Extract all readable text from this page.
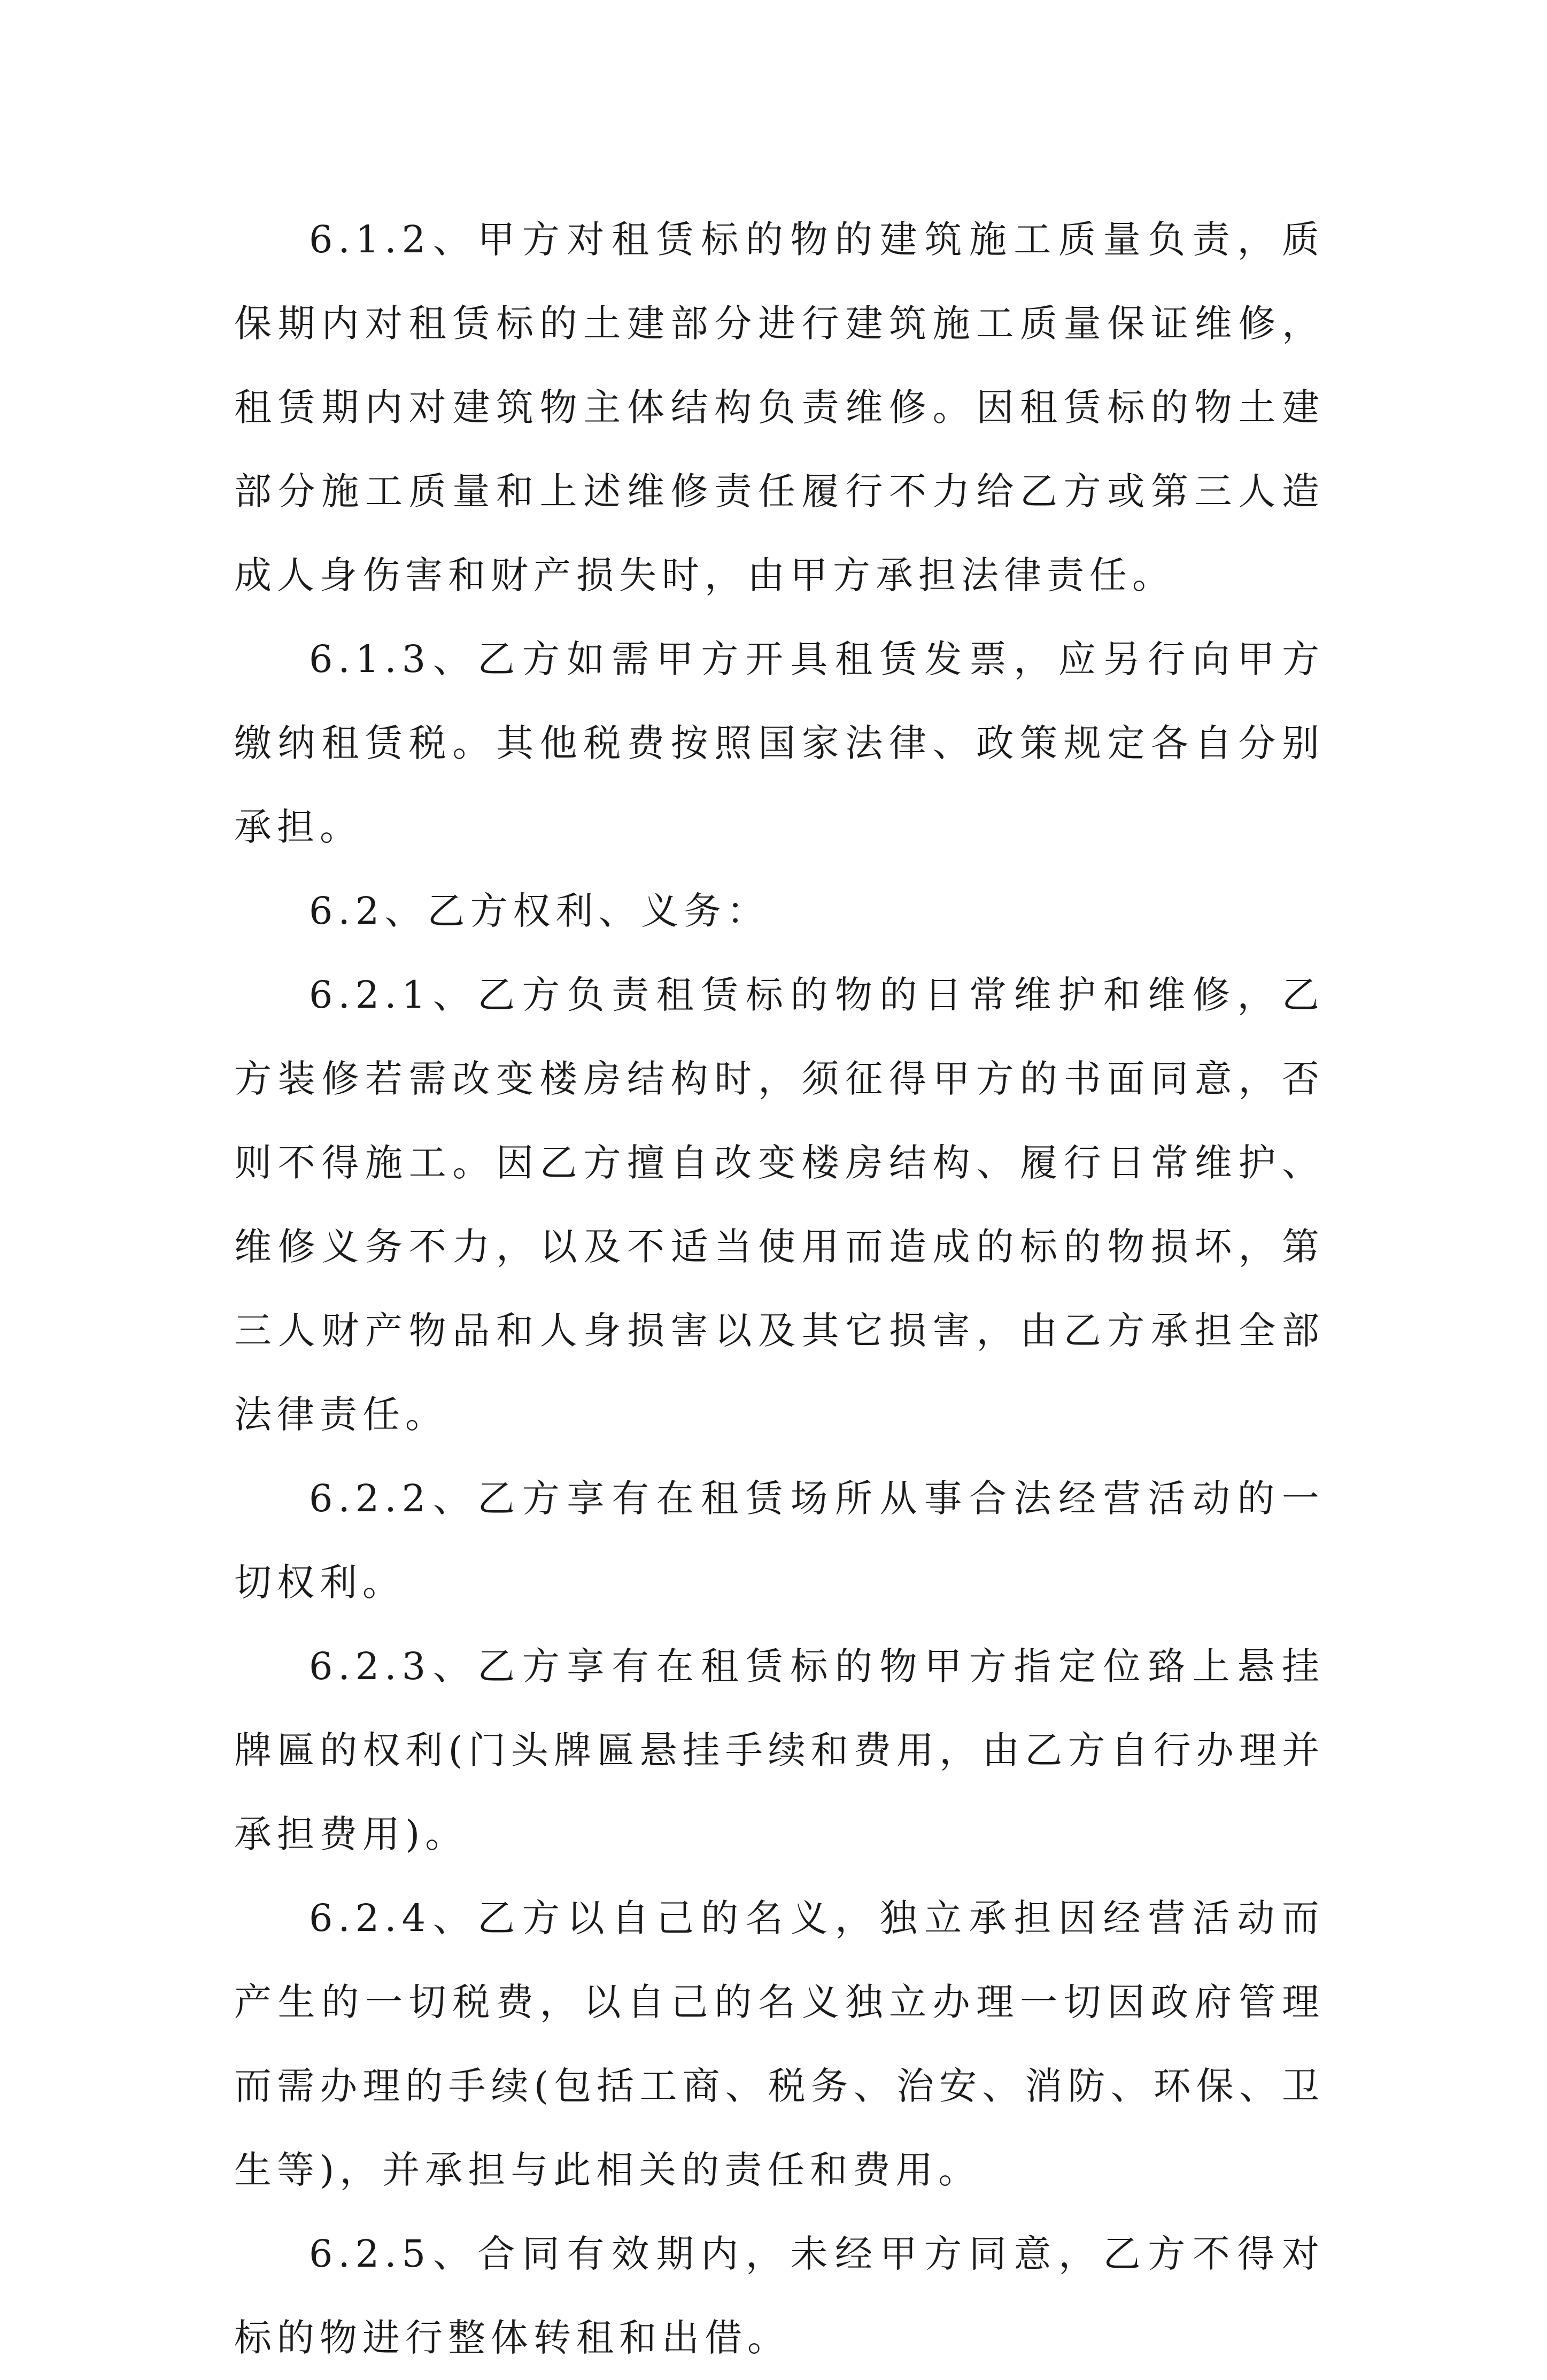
6.1.2、甲方对租赁标的物的建筑施工质量负责，质保期内对租赁标的土建部分进行建筑施工质量保证维修，租赁期内对建筑物主体结构负责维修。因租赁标的物土建部分施工质量和上述维修责任履行不力给乙方或第三人造成人身伤害和财产损失时，由甲方承担法律责任。

6.1.3、乙方如需甲方开具租赁发票，应另行向甲方缴纳租赁税。其他税费按照国家法律、政策规定各自分别承担。

6.2、乙方权利、义务：

6.2.1、乙方负责租赁标的物的日常维护和维修，乙方装修若需改变楼房结构时，须征得甲方的书面同意，否则不得施工。因乙方擅自改变楼房结构、履行日常维护、维修义务不力，以及不适当使用而造成的标的物损坏，第三人财产物品和人身损害以及其它损害，由乙方承担全部法律责任。

6.2.2、乙方享有在租赁场所从事合法经营活动的一切权利。

6.2.3、乙方享有在租赁标的物甲方指定位臵上悬挂牌匾的权利(门头牌匾悬挂手续和费用，由乙方自行办理并承担费用)。

6.2.4、乙方以自己的名义，独立承担因经营活动而产生的一切税费，以自己的名义独立办理一切因政府管理而需办理的手续(包括工商、税务、治安、消防、环保、卫生等)，并承担与此相关的责任和费用。

6.2.5、合同有效期内，未经甲方同意，乙方不得对标的物进行整体转租和出借。
